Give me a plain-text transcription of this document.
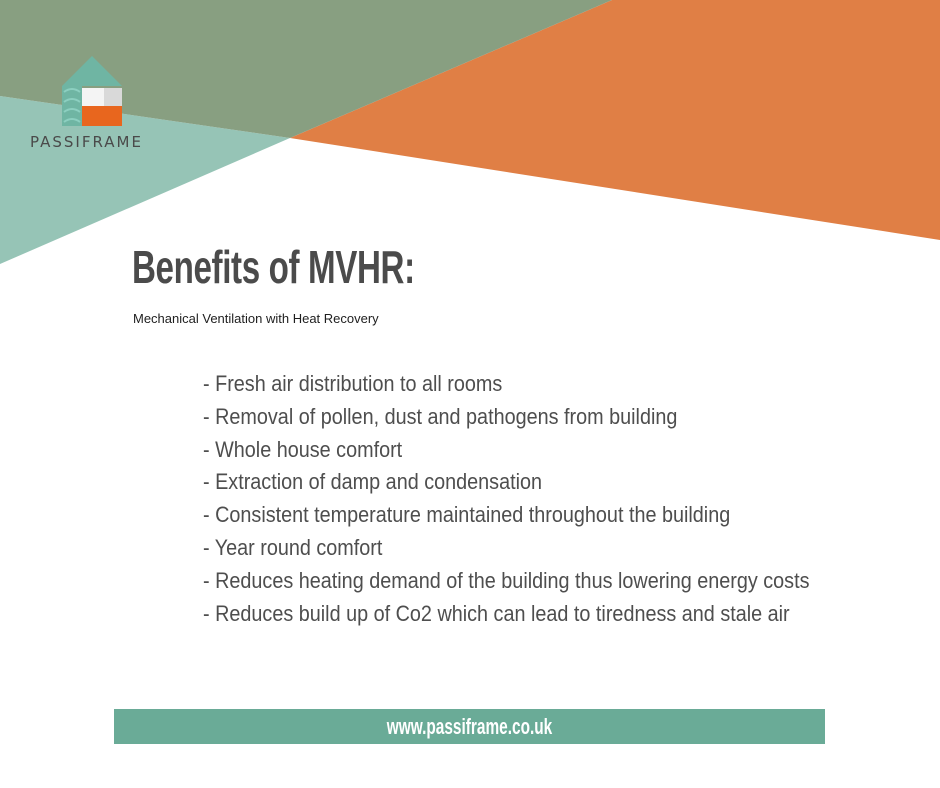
PASSIFRAME
Benefits of MVHR:
Mechanical Ventilation with Heat Recovery
- Fresh air distribution to all rooms
- Removal of pollen, dust and pathogens from building
- Whole house comfort
- Extraction of damp and condensation
- Consistent temperature maintained throughout the building
- Year round comfort
- Reduces heating demand of the building thus lowering energy costs
- Reduces build up of Co2 which can lead to tiredness and stale air
www.passiframe.co.uk
